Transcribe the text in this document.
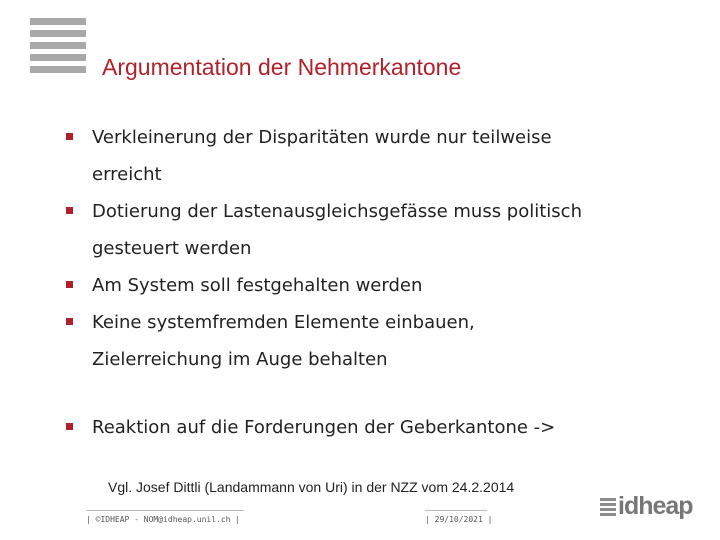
Argumentation der Nehmerkantone
Verkleinerung der Disparitäten wurde nur teilweise
erreicht
Dotierung der Lastenausgleichsgefässe muss politisch
gesteuert werden
Am System soll festgehalten werden
Keine systemfremden Elemente einbauen,
Zielerreichung im Auge behalten
Reaktion auf die Forderungen der Geberkantone ->
Vgl. Josef Dittli (Landammann von Uri) in der NZZ vom 24.2.2014
| ©IDHEAP - NOM@idheap.unil.ch |	| 29/10/2021 |	idheap
